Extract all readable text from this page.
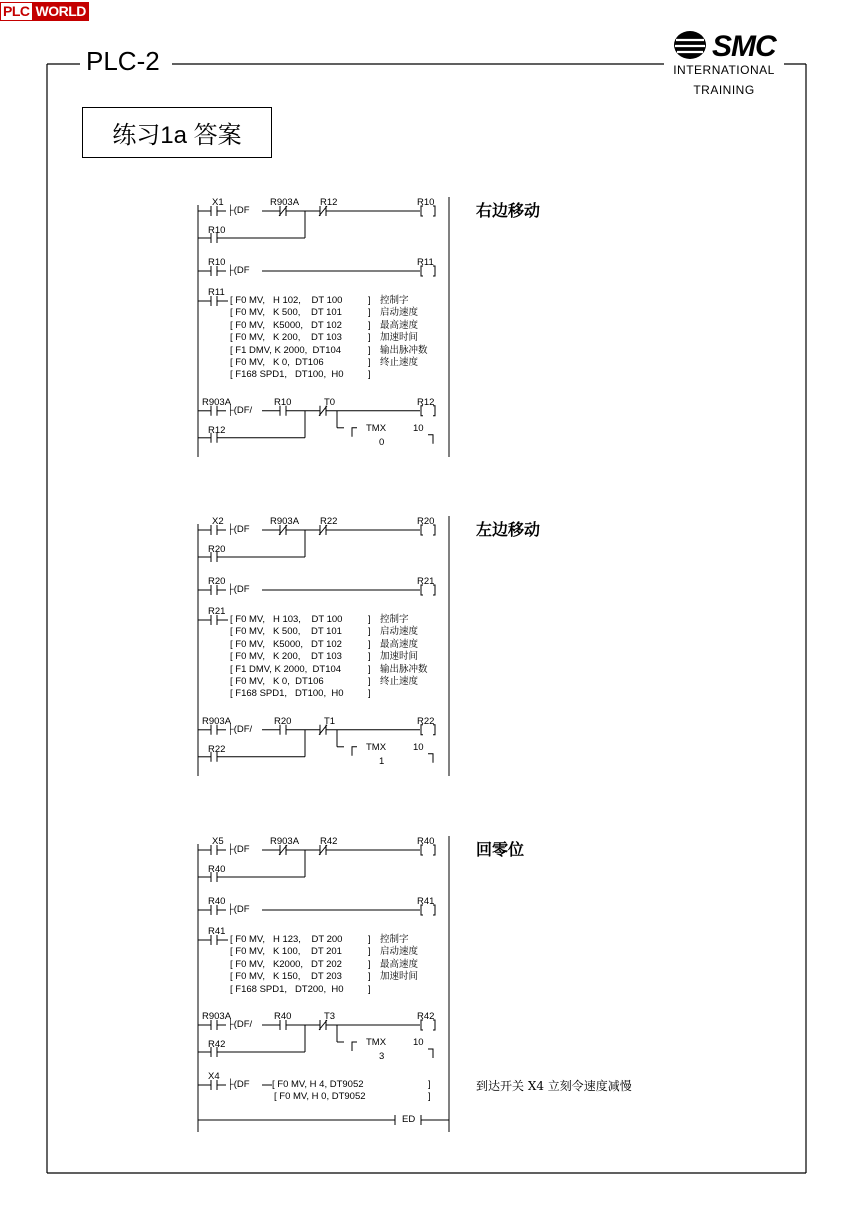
PLC WORLD
PLC-2	SMC
INTERNATIONAL
TRAINING
练习1a 答案
右边移动
X1
├(DF
R903A R12	R10
R10
R10
├(DF
R11
R11
[ F0 MV,   H 102,    DT 100	] 控制字
[ F0 MV,   K 500,    DT 101	] 启动速度
[ F0 MV,   K5000,   DT 102	] 最高速度
[ F0 MV,   K 200,    DT 103	] 加速时间
[ F1 DMV, K 2000,  DT104	] 输出脉冲数
[ F0 MV,   K 0,  DT106	] 终止速度
[ F168 SPD1,   DT100,  H0	]
R903A
├(DF/
R10	T0	R12
TMX
0
10
R12
左边移动
X2
├(DF
R903A R22	R20
R20
R20
├(DF
R21
R21
[ F0 MV,   H 103,    DT 100	] 控制字
[ F0 MV,   K 500,    DT 101	] 启动速度
[ F0 MV,   K5000,   DT 102	] 最高速度
[ F0 MV,   K 200,    DT 103	] 加速时间
[ F1 DMV, K 2000,  DT104	] 输出脉冲数
[ F0 MV,   K 0,  DT106	] 终止速度
[ F168 SPD1,   DT100,  H0	]
R903A
├(DF/
R20	T1	R22
TMX
1
10
R22
回零位
X5
├(DF
R903A R42	R40
R40
R40
├(DF
R41
R41
[ F0 MV,   H 123,    DT 200	] 控制字
[ F0 MV,   K 100,    DT 201	] 启动速度
[ F0 MV,   K2000,   DT 202	] 最高速度
[ F0 MV,   K 150,    DT 203	] 加速时间
[ F168 SPD1,   DT200,  H0	]
R903A
├(DF/
R40	T3	R42
TMX
3
10
R42
X4
├(DF [ F0 MV, H 4, DT9052
[ F0 MV, H 0, DT9052
]
]
到达开关 X4 立刻令速度减慢
ED
